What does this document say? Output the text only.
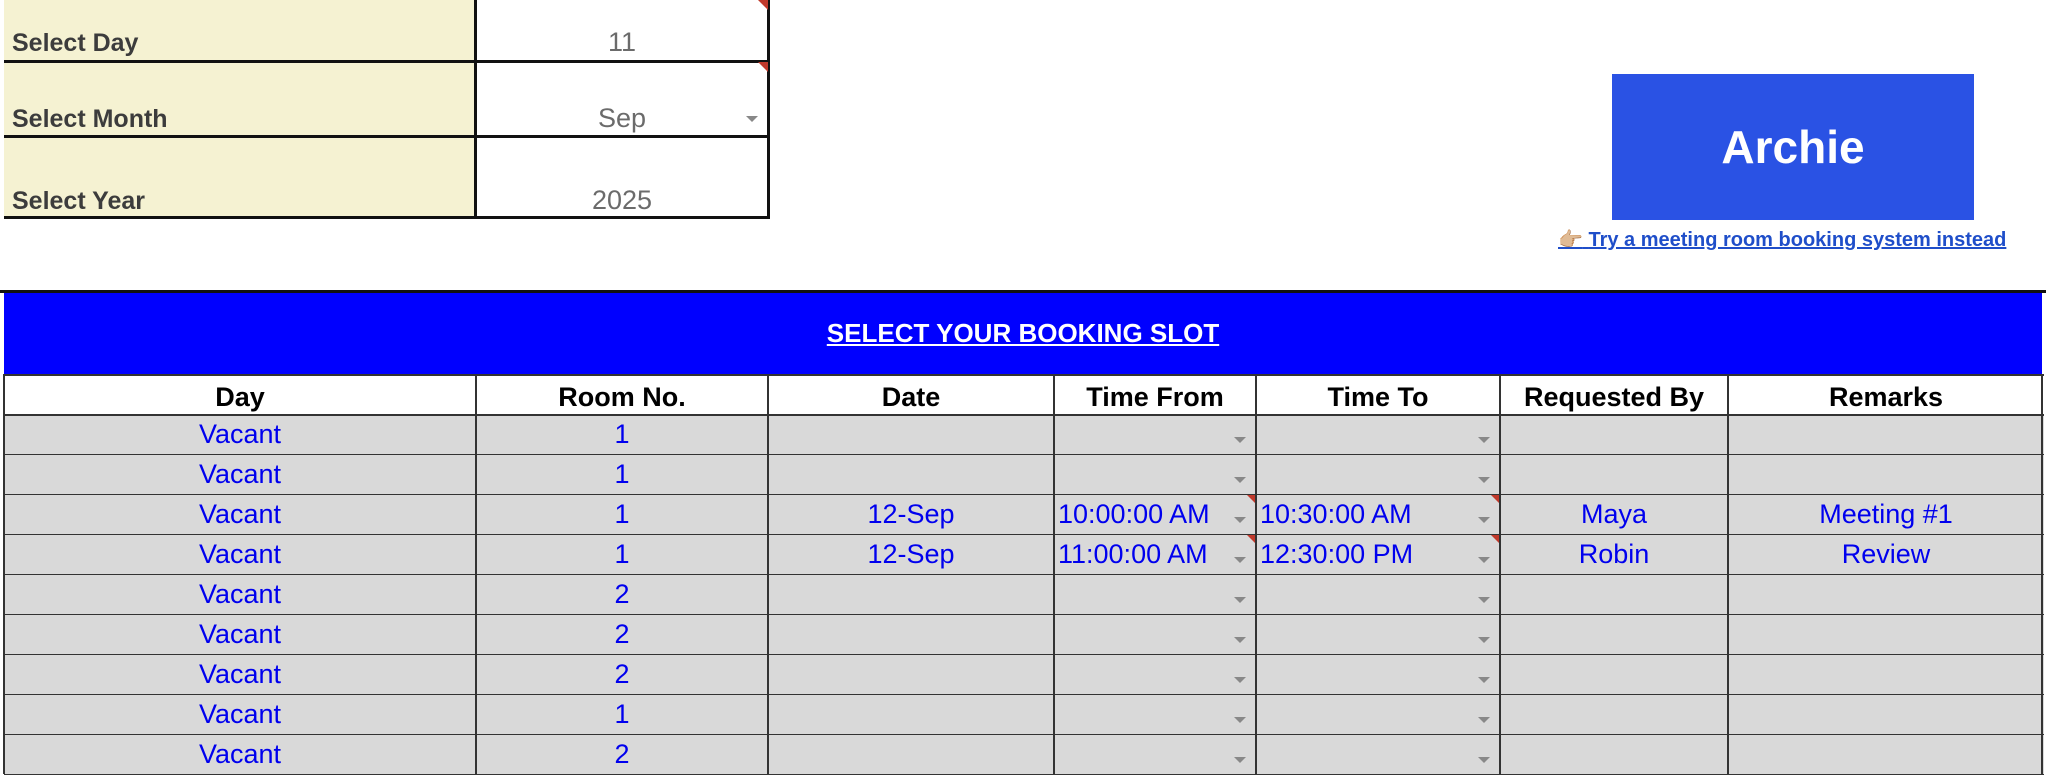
Select Day	11
Select Month	Sep
Select Year	2025
Archie
👉🏼 Try a meeting room booking system instead
SELECT YOUR BOOKING SLOT
Day	Room No.	Date	Time From	Time To	Requested By	Remarks
Vacant	1
Vacant	1
Vacant	1	12-Sep	10:00:00 AM	10:30:00 AM	Maya	Meeting #1
Vacant	1	12-Sep	11:00:00 AM	12:30:00 PM	Robin	Review
Vacant	2
Vacant	2
Vacant	2
Vacant	1
Vacant	2
